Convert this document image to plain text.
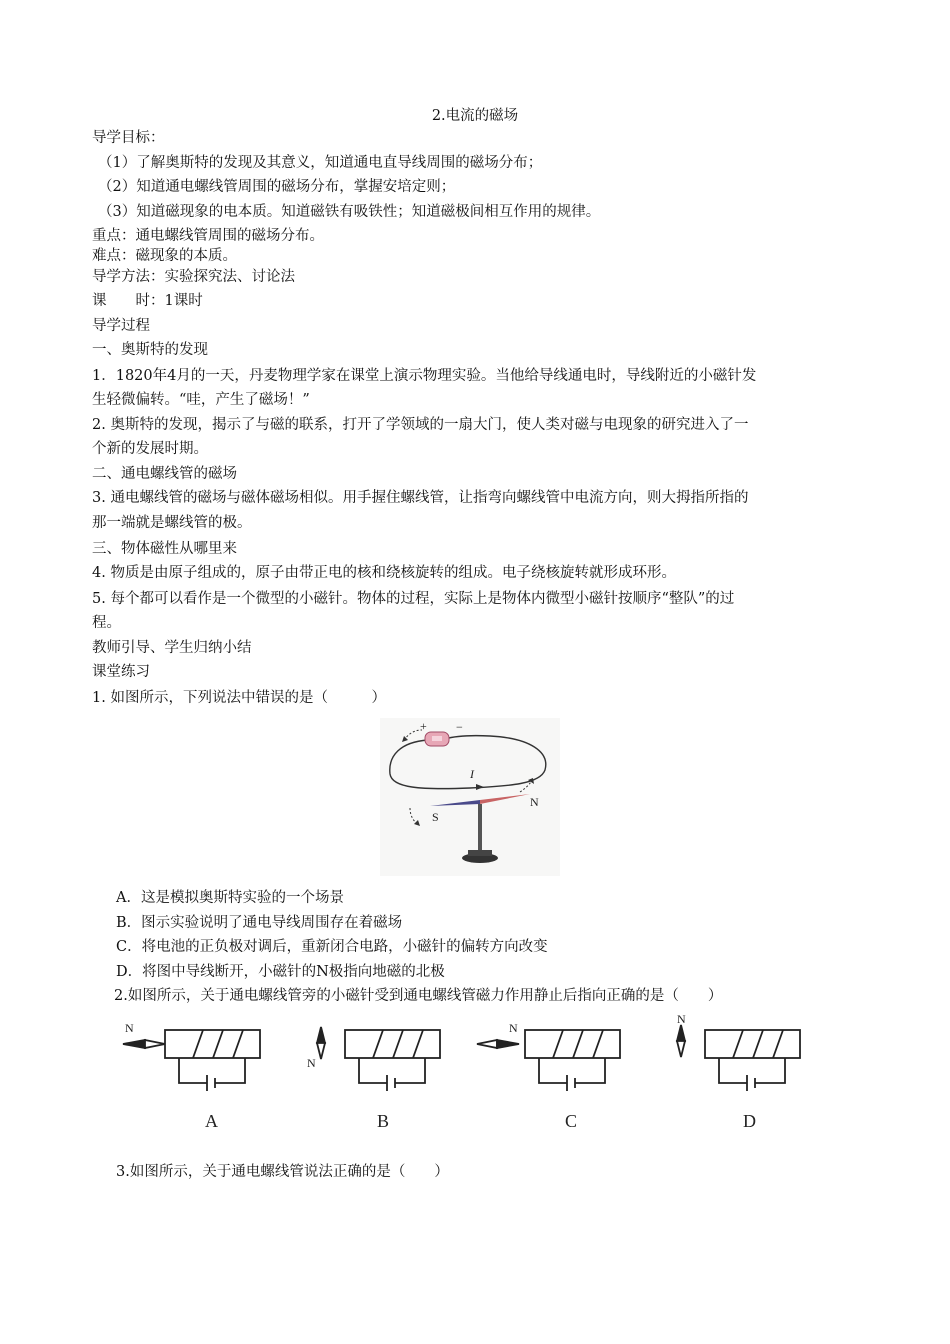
2.电流的磁场
导学目标：
（1）了解奥斯特的发现及其意义，知道通电直导线周围的磁场分布；
（2）知道通电螺线管周围的磁场分布，掌握安培定则；
（3）知道磁现象的电本质。知道磁铁有吸铁性；知道磁极间相互作用的规律。
重点：通电螺线管周围的磁场分布。
难点：磁现象的本质。
导学方法：实验探究法、讨论法
课　　时：1课时
导学过程
一、奥斯特的发现
1．1820年4月的一天，丹麦物理学家在课堂上演示物理实验。当他给导线通电时，导线附近的小磁针发
生轻微偏转。“哇，产生了磁场！”
2. 奥斯特的发现，揭示了与磁的联系，打开了学领域的一扇大门，使人类对磁与电现象的研究进入了一
个新的发展时期。
二、通电螺线管的磁场
3. 通电螺线管的磁场与磁体磁场相似。用手握住螺线管，让指弯向螺线管中电流方向，则大拇指所指的
那一端就是螺线管的极。
三、物体磁性从哪里来
4. 物质是由原子组成的，原子由带正电的核和绕核旋转的组成。电子绕核旋转就形成环形。
5. 每个都可以看作是一个微型的小磁针。物体的过程，实际上是物体内微型小磁针按顺序“整队”的过
程。
教师引导、学生归纳小结
课堂练习
1. 如图所示，下列说法中错误的是（　　　）
+ −
I
S
N
A．这是模拟奥斯特实验的一个场景
B．图示实验说明了通电导线周围存在着磁场
C．将电池的正负极对调后，重新闭合电路，小磁针的偏转方向改变
D．将图中导线断开，小磁针的N极指向地磁的北极
2.如图所示，关于通电螺线管旁的小磁针受到通电螺线管磁力作用静止后指向正确的是（　　）
N
N
N
N
A	B	C	D
3.如图所示，关于通电螺线管说法正确的是（　　）
